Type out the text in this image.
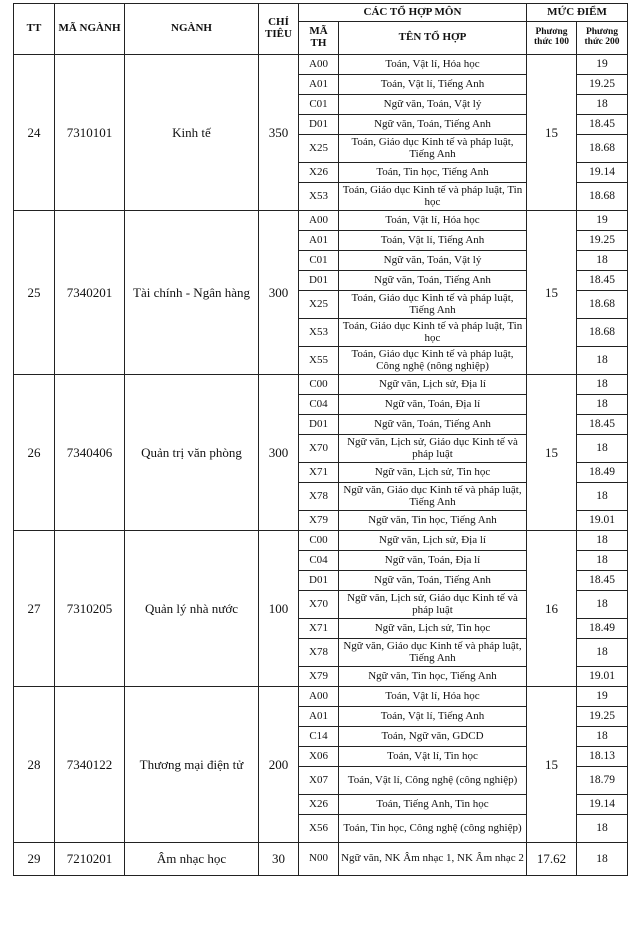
TT	MÃ NGÀNH	NGÀNH	CHỈ TIÊU	CÁC TỔ HỢP MÔN		MỨC ĐIỂM	
				MÃ TH	TÊN TỔ HỢP	Phương thức 100	Phương thức 200
24	7310101	Kinh tế	350	A00	Toán, Vật lí, Hóa học	15	19
				A01	Toán, Vật lí, Tiếng Anh		19.25
				C01	Ngữ văn, Toán, Vật lý		18
				D01	Ngữ văn, Toán, Tiếng Anh		18.45
				X25	Toán, Giáo dục Kinh tế và pháp luật, Tiếng Anh		18.68
				X26	Toán, Tin học, Tiếng Anh		19.14
				X53	Toán, Giáo dục Kinh tế và pháp luật, Tin học		18.68
25	7340201	Tài chính - Ngân hàng	300	A00	Toán, Vật lí, Hóa học	15	19
				A01	Toán, Vật lí, Tiếng Anh		19.25
				C01	Ngữ văn, Toán, Vật lý		18
				D01	Ngữ văn, Toán, Tiếng Anh		18.45
				X25	Toán, Giáo dục Kinh tế và pháp luật, Tiếng Anh		18.68
				X53	Toán, Giáo dục Kinh tế và pháp luật, Tin học		18.68
				X55	Toán, Giáo dục Kinh tế và pháp luật, Công nghệ (nông nghiệp)		18
26	7340406	Quản trị văn phòng	300	C00	Ngữ văn, Lịch sử, Địa lí	15	18
				C04	Ngữ văn, Toán, Địa lí		18
				D01	Ngữ văn, Toán, Tiếng Anh		18.45
				X70	Ngữ văn, Lịch sử, Giáo dục Kinh tế và pháp luật		18
				X71	Ngữ văn, Lịch sử, Tin học		18.49
				X78	Ngữ văn, Giáo dục Kinh tế và pháp luật, Tiếng Anh		18
				X79	Ngữ văn, Tin học, Tiếng Anh		19.01
27	7310205	Quản lý nhà nước	100	C00	Ngữ văn, Lịch sử, Địa lí	16	18
				C04	Ngữ văn, Toán, Địa lí		18
				D01	Ngữ văn, Toán, Tiếng Anh		18.45
				X70	Ngữ văn, Lịch sử, Giáo dục Kinh tế và pháp luật		18
				X71	Ngữ văn, Lịch sử, Tin học		18.49
				X78	Ngữ văn, Giáo dục Kinh tế và pháp luật, Tiếng Anh		18
				X79	Ngữ văn, Tin học, Tiếng Anh		19.01
28	7340122	Thương mại điện tử	200	A00	Toán, Vật lí, Hóa học	15	19
				A01	Toán, Vật lí, Tiếng Anh		19.25
				C14	Toán, Ngữ văn, GDCD		18
				X06	Toán, Vật lí, Tin học		18.13
				X07	Toán, Vật lí, Công nghệ (công nghiệp)		18.79
				X26	Toán, Tiếng Anh, Tin học		19.14
				X56	Toán, Tin học, Công nghệ (công nghiệp)		18
29	7210201	Âm nhạc học	30	N00	Ngữ văn, NK Âm nhạc 1, NK Âm nhạc 2	17.62	18
